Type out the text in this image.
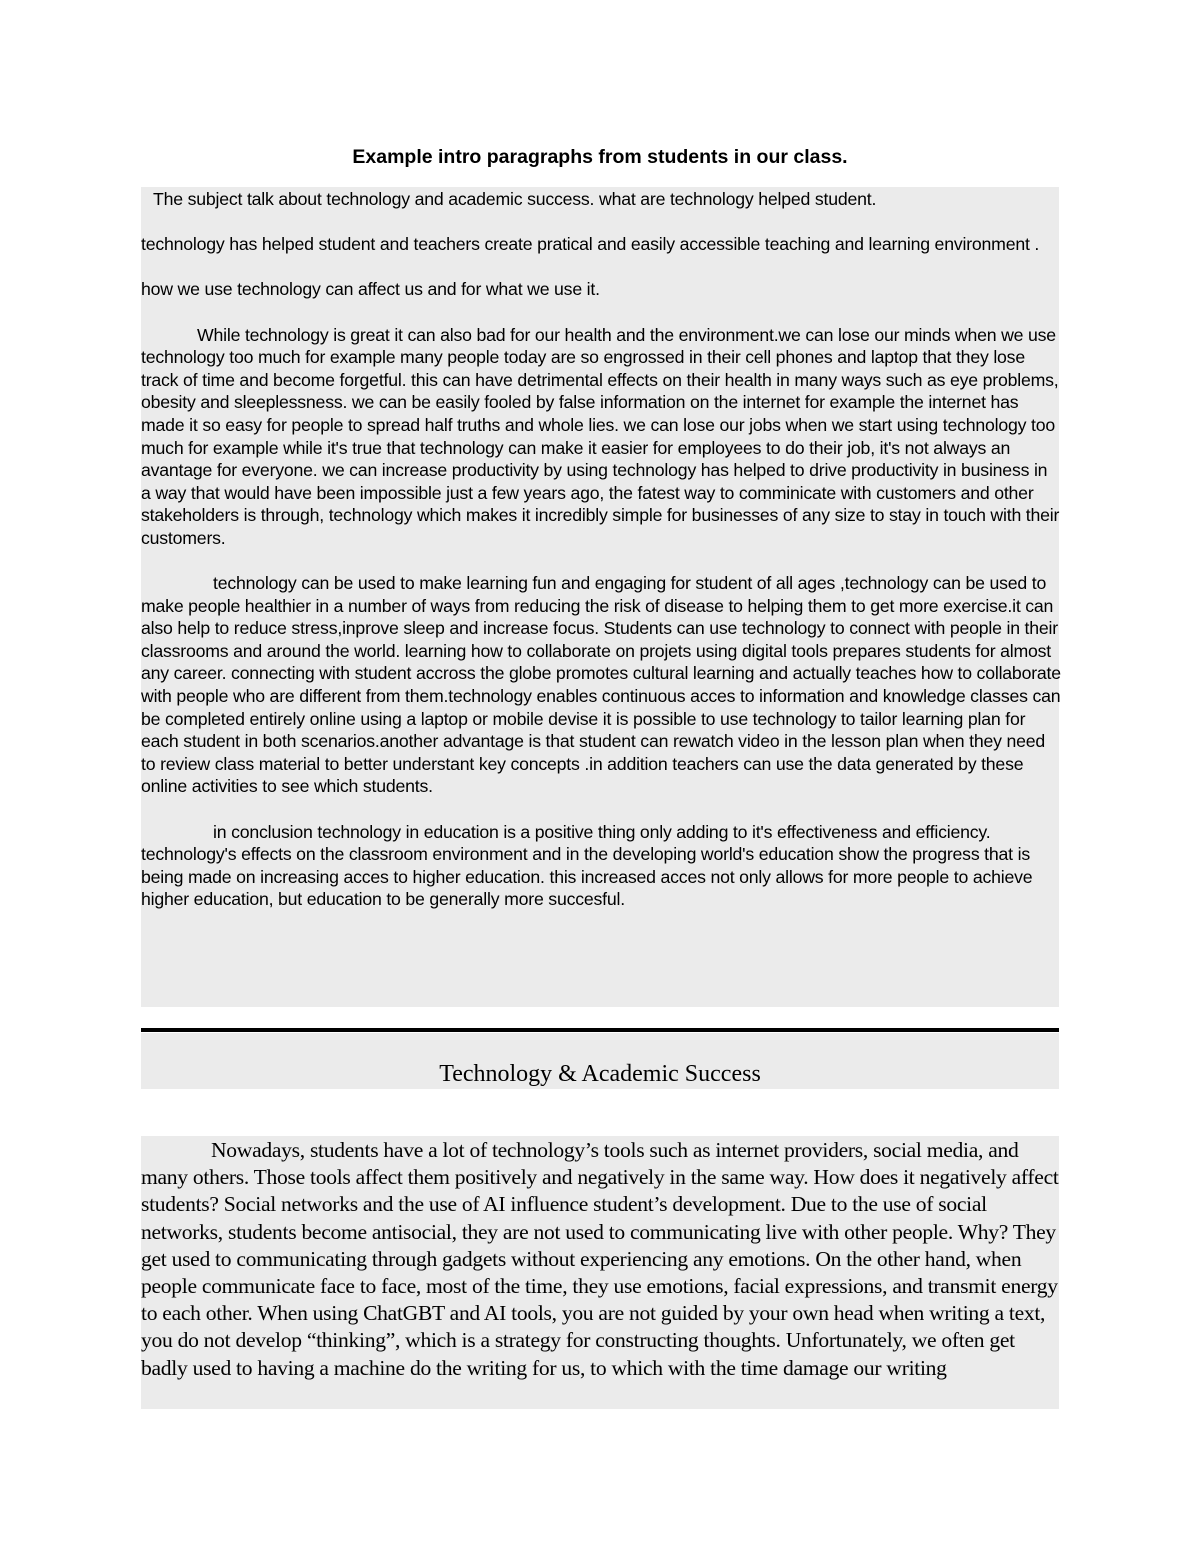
Example intro paragraphs from students in our class.

The subject talk about technology and academic success. what are technology helped student.

technology has helped student and teachers create pratical and easily accessible teaching and learning environment .

how we use technology can affect us and for what we use it.

While technology is great it can also bad for our health and the environment.we can lose our minds when we use technology too much for example many people today are so engrossed in their cell phones and laptop that they lose track of time and become forgetful. this can have detrimental effects on their health in many ways such as eye problems, obesity and sleeplessness. we can be easily fooled by false information on the internet for example the internet has made it so easy for people to spread half truths and whole lies. we can lose our jobs when we start using technology too much for example while it's true that technology can make it easier for employees to do their job, it's not always an avantage for everyone. we can increase productivity by using technology has helped to drive productivity in business in a way that would have been impossible just a few years ago, the fatest way to comminicate with customers and other stakeholders is through, technology which makes it incredibly simple for businesses of any size to stay in touch with their customers.

technology can be used to make learning fun and engaging for student of all ages ,technology can be used to make people healthier in a number of ways from reducing the risk of disease to helping them to get more exercise.it can also help to reduce stress,inprove sleep and increase focus. Students can use technology to connect with people in their classrooms and around the world. learning how to collaborate on projets using digital tools prepares students for almost any career. connecting with student accross the globe promotes cultural learning and actually teaches how to collaborate with people who are different from them.technology enables continuous acces to information and knowledge classes can be completed entirely online using a laptop or mobile devise it is possible to use technology to tailor learning plan for each student in both scenarios.another advantage is that student can rewatch video in the lesson plan when they need to review class material to better understant key concepts .in addition teachers can use the data generated by these online activities to see which students.

in conclusion technology in education is a positive thing only adding to it's effectiveness and efficiency. technology's effects on the classroom environment and in the developing world's education show the progress that is being made on increasing acces to higher education. this increased acces not only allows for more people to achieve higher education, but education to be generally more succesful.

Technology & Academic Success

Nowadays, students have a lot of technology’s tools such as internet providers, social media, and many others. Those tools affect them positively and negatively in the same way. How does it negatively affect students? Social networks and the use of AI influence student’s development. Due to the use of social networks, students become antisocial, they are not used to communicating live with other people. Why? They get used to communicating through gadgets without experiencing any emotions. On the other hand, when people communicate face to face, most of the time, they use emotions, facial expressions, and transmit energy to each other. When using ChatGBT and AI tools, you are not guided by your own head when writing a text, you do not develop “thinking”, which is a strategy for constructing thoughts. Unfortunately, we often get badly used to having a machine do the writing for us, to which with the time damage our writing
